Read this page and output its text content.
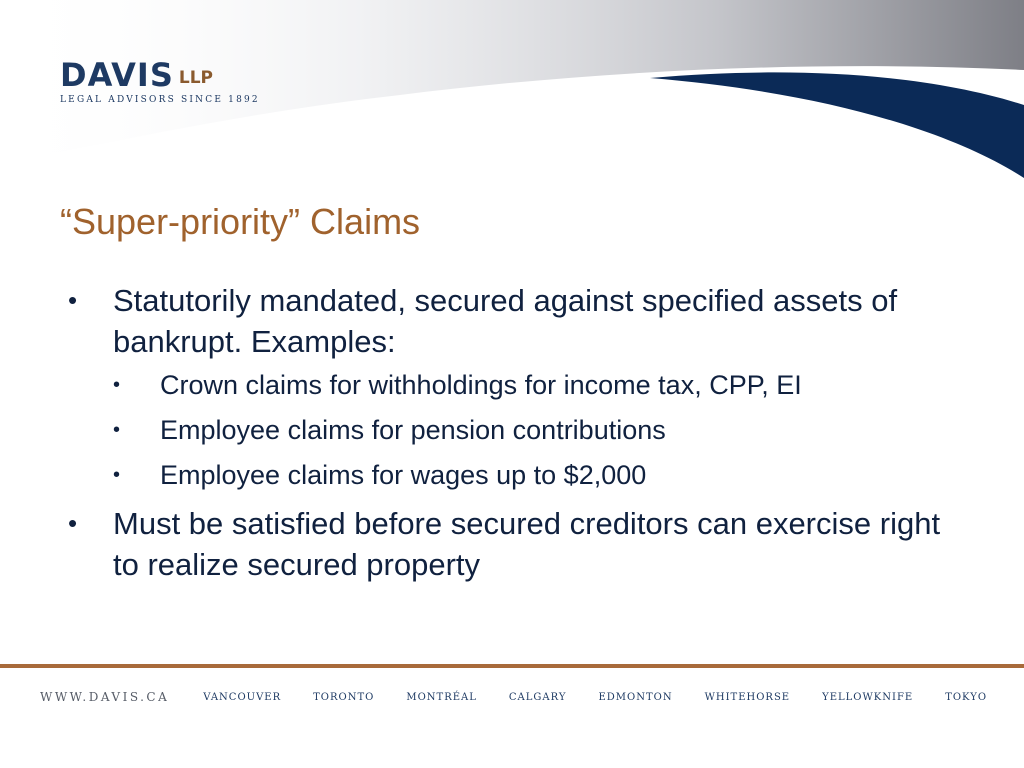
DAVIS LLP
LEGAL ADVISORS SINCE 1892
“Super-priority” Claims
• Statutorily mandated, secured against specified assets of bankrupt. Examples:
• Crown claims for withholdings for income tax, CPP, EI
• Employee claims for pension contributions
• Employee claims for wages up to $2,000
• Must be satisfied before secured creditors can exercise right to realize secured property
WWW.DAVIS.CA	VANCOUVER	TORONTO	MONTRÉAL	CALGARY	EDMONTON	WHITEHORSE	YELLOWKNIFE	TOKYO
